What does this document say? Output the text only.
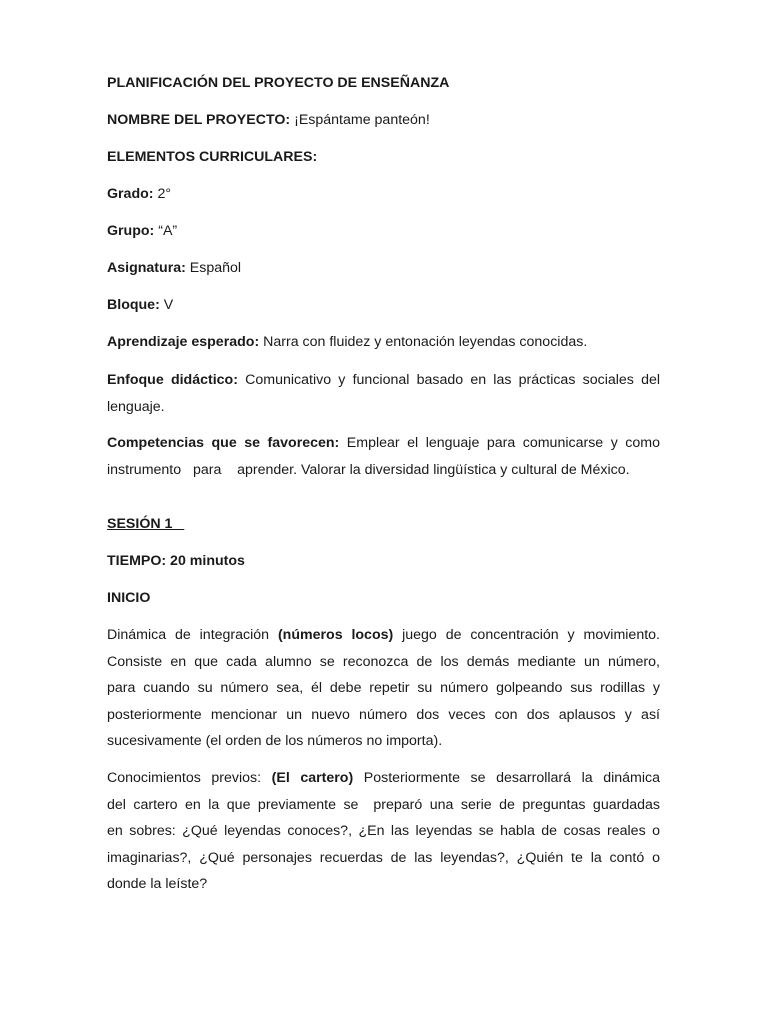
PLANIFICACIÓN DEL PROYECTO DE ENSEÑANZA
NOMBRE DEL PROYECTO: ¡Espántame panteón!
ELEMENTOS CURRICULARES:
Grado: 2°
Grupo: “A”
Asignatura: Español
Bloque: V
Aprendizaje esperado: Narra con fluidez y entonación leyendas conocidas.
Enfoque didáctico: Comunicativo y funcional basado en las prácticas sociales del
lenguaje.
Competencias que se favorecen: Emplear el lenguaje para comunicarse y como
instrumento   para    aprender. Valorar la diversidad lingüística y cultural de México.
SESIÓN 1
TIEMPO: 20 minutos
INICIO
Dinámica de integración (números locos) juego de concentración y movimiento.
Consiste en que cada alumno se reconozca de los demás mediante un número,
para cuando su número sea, él debe repetir su número golpeando sus rodillas y
posteriormente mencionar un nuevo número dos veces con dos aplausos y así
sucesivamente (el orden de los números no importa).
Conocimientos previos: (El cartero) Posteriormente se desarrollará la dinámica
del cartero en la que previamente se  preparó una serie de preguntas guardadas
en sobres: ¿Qué leyendas conoces?, ¿En las leyendas se habla de cosas reales o
imaginarias?, ¿Qué personajes recuerdas de las leyendas?, ¿Quién te la contó o
donde la leíste?
